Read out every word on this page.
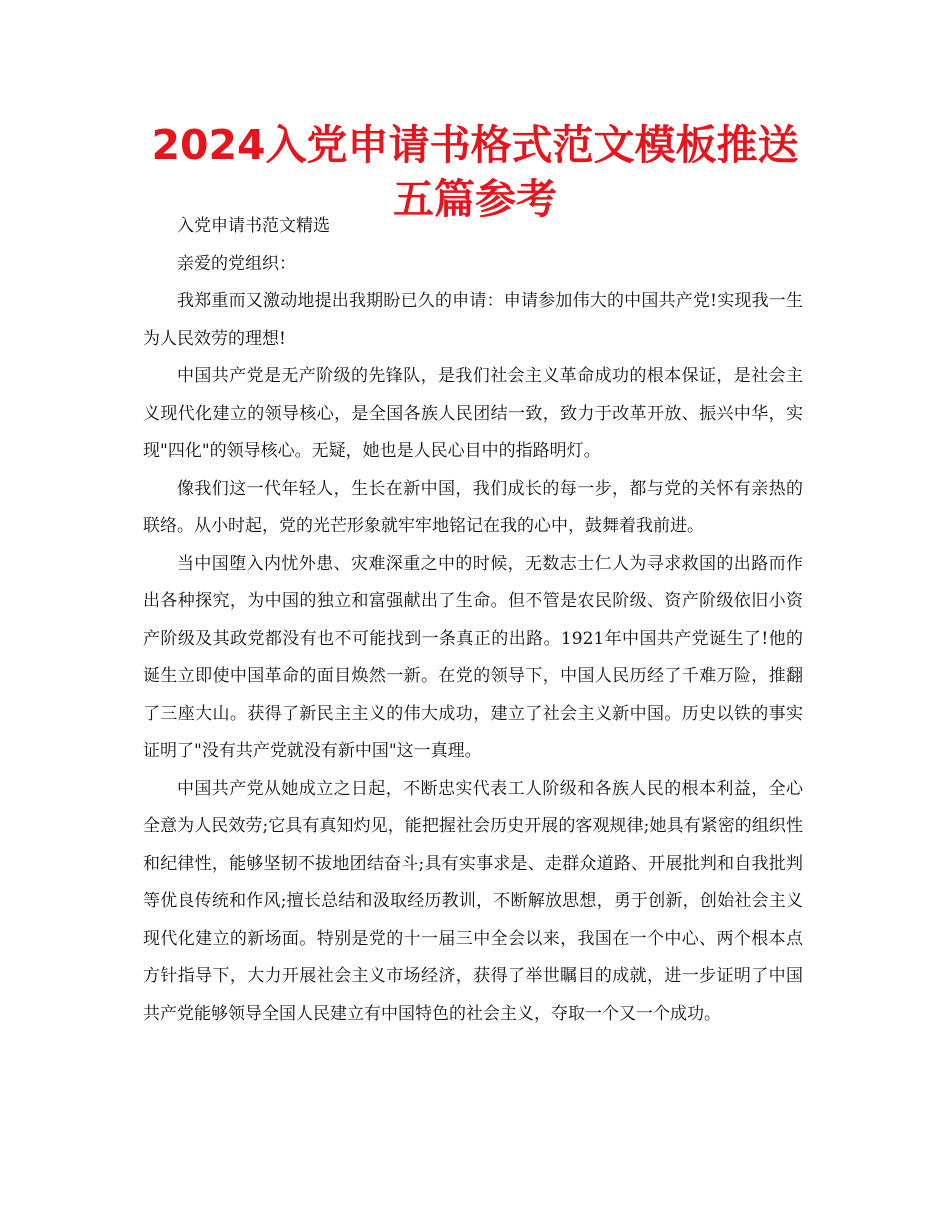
2024入党申请书格式范文模板推送五篇参考

入党申请书范文精选

亲爱的党组织：

我郑重而又激动地提出我期盼已久的申请：申请参加伟大的中国共产党!实现我一生为人民效劳的理想!

中国共产党是无产阶级的先锋队，是我们社会主义革命成功的根本保证，是社会主义现代化建立的领导核心，是全国各族人民团结一致，致力于改革开放、振兴中华，实现"四化"的领导核心。无疑，她也是人民心目中的指路明灯。

像我们这一代年轻人，生长在新中国，我们成长的每一步，都与党的关怀有亲热的联络。从小时起，党的光芒形象就牢牢地铭记在我的心中，鼓舞着我前进。

当中国堕入内忧外患、灾难深重之中的时候，无数志士仁人为寻求救国的出路而作出各种探究，为中国的独立和富强献出了生命。但不管是农民阶级、资产阶级依旧小资产阶级及其政党都没有也不可能找到一条真正的出路。1921年中国共产党诞生了!他的诞生立即使中国革命的面目焕然一新。在党的领导下，中国人民历经了千难万险，推翻了三座大山。获得了新民主主义的伟大成功，建立了社会主义新中国。历史以铁的事实证明了"没有共产党就没有新中国"这一真理。

中国共产党从她成立之日起，不断忠实代表工人阶级和各族人民的根本利益，全心全意为人民效劳;它具有真知灼见，能把握社会历史开展的客观规律;她具有紧密的组织性和纪律性，能够坚韧不拔地团结奋斗;具有实事求是、走群众道路、开展批判和自我批判等优良传统和作风;擅长总结和汲取经历教训，不断解放思想，勇于创新，创始社会主义现代化建立的新场面。特别是党的十一届三中全会以来，我国在一个中心、两个根本点方针指导下，大力开展社会主义市场经济，获得了举世瞩目的成就，进一步证明了中国共产党能够领导全国人民建立有中国特色的社会主义，夺取一个又一个成功。
